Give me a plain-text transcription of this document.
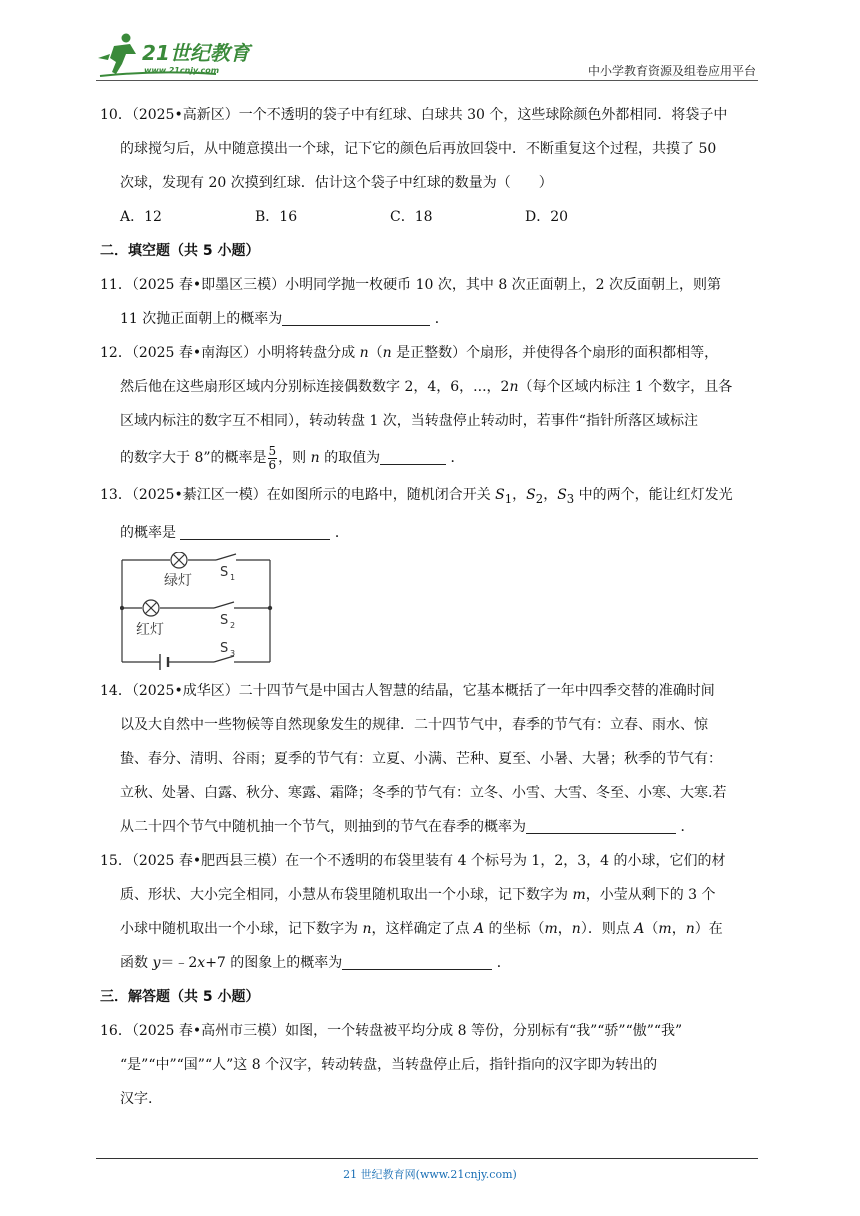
21世纪教育
www.21cnjy.com	中小学教育资源及组卷应用平台
10．（2025•高新区）一个不透明的袋子中有红球、白球共 30 个，这些球除颜色外都相同．将袋子中
的球搅匀后，从中随意摸出一个球，记下它的颜色后再放回袋中．不断重复这个过程，共摸了 50
次球，发现有 20 次摸到红球．估计这个袋子中红球的数量为（　　）
A．12	B．16	C．18	D．20
二．填空题（共 5 小题）
11．（2025 春•即墨区三模）小明同学抛一枚硬币 10 次，其中 8 次正面朝上，2 次反面朝上，则第
11 次抛正面朝上的概率为	．
12．（2025 春•南海区）小明将转盘分成 n（n 是正整数）个扇形，并使得各个扇形的面积都相等，
然后他在这些扇形区域内分别标连接偶数数字 2，4，6，...，2n（每个区域内标注 1 个数字，且各
区域内标注的数字互不相同），转动转盘 1 次，当转盘停止转动时，若事件“指针所落区域标注
的数字大于 8”的概率是 $\frac{5}{6}$ ，则 n 的取值为	．
13．（2025•綦江区一模）在如图所示的电路中，随机闭合开关 $S_1$，$S_2$，$S_3$ 中的两个，能让红灯发光
的概率是	．
绿灯
红灯
S 1
S 2
S 3
14．（2025•成华区）二十四节气是中国古人智慧的结晶，它基本概括了一年中四季交替的准确时间
以及大自然中一些物候等自然现象发生的规律．二十四节气中，春季的节气有：立春、雨水、惊
蛰、春分、清明、谷雨；夏季的节气有：立夏、小满、芒种、夏至、小暑、大暑；秋季的节气有：
立秋、处暑、白露、秋分、寒露、霜降；冬季的节气有：立冬、小雪、大雪、冬至、小寒、大寒.若
从二十四个节气中随机抽一个节气，则抽到的节气在春季的概率为	．
15．（2025 春•肥西县三模）在一个不透明的布袋里装有 4 个标号为 1，2，3，4 的小球，它们的材
质、形状、大小完全相同，小慧从布袋里随机取出一个小球，记下数字为 m，小莹从剩下的 3 个
小球中随机取出一个小球，记下数字为 n，这样确定了点 A 的坐标（m，n）．则点 A（m，n）在
函数 y＝﹣2x+7 的图象上的概率为	．
三．解答题（共 5 小题）
16．（2025 春•高州市三模）如图，一个转盘被平均分成 8 等份，分别标有“我”“骄”“傲”“我”
“是”“中”“国”“人”这 8 个汉字，转动转盘，当转盘停止后，指针指向的汉字即为转出的
汉字.
21 世纪教育网(www.21cnjy.com)
